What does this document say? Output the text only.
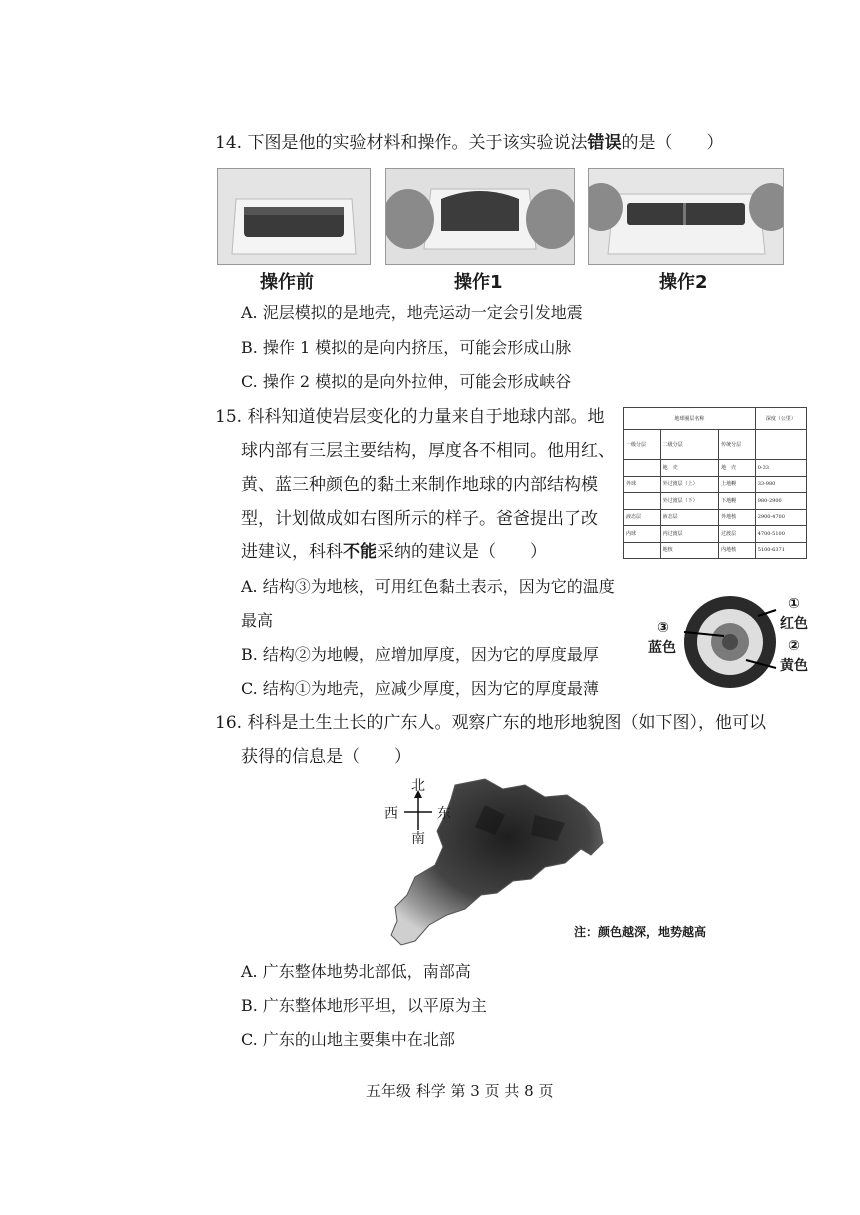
14. 下图是他的实验材料和操作。关于该实验说法错误的是（　　）
操作前	操作1	操作2
A. 泥层模拟的是地壳，地壳运动一定会引发地震
B. 操作 1 模拟的是向内挤压，可能会形成山脉
C. 操作 2 模拟的是向外拉伸，可能会形成峡谷
15. 科科知道使岩层变化的力量来自于地球内部。地
球内部有三层主要结构，厚度各不相同。他用红、
黄、蓝三种颜色的黏土来制作地球的内部结构模
型，计划做成如右图所示的样子。爸爸提出了改
进建议，科科不能采纳的建议是（　　）
地球圈层名称			深度（公里）
一级分层	二级分层	传统分层	
	地　壳	地　壳	0-33
外球	外过渡层（上）	上地幔	33-980
	外过渡层（下）	下地幔	980-2900
液态层	液态层	外地核	2900-4700
内球	内过渡层	过渡层	4700-5100
	地核	内地核	5100-6371
A. 结构③为地核，可用红色黏土表示，因为它的温度
最高
B. 结构②为地幔，应增加厚度，因为它的厚度最厚
C. 结构①为地壳，应减少厚度，因为它的厚度最薄
①
红色
②
黄色
③
蓝色
16. 科科是土生土长的广东人。观察广东的地形地貌图（如下图），他可以
获得的信息是（　　）
北
西	东
南
注：颜色越深，地势越高
A. 广东整体地势北部低，南部高
B. 广东整体地形平坦，以平原为主
C. 广东的山地主要集中在北部
五年级 科学 第 3 页 共 8 页
